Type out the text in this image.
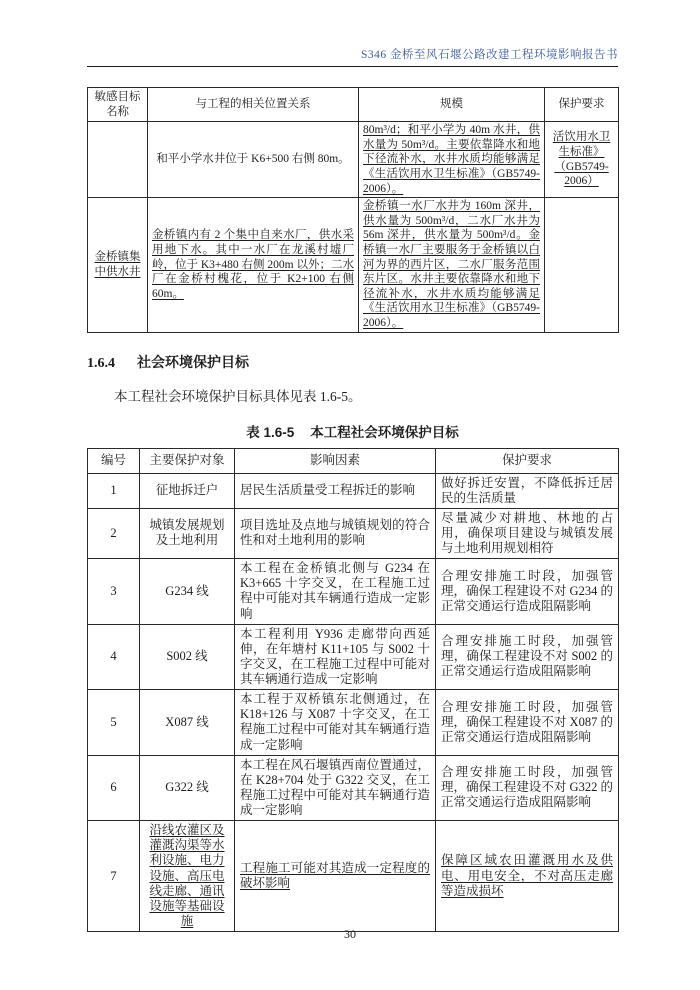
S346 金桥至风石堰公路改建工程环境影响报告书
敏感目标名称	与工程的相关位置关系	规模	保护要求
	和平小学水井位于 K6+500 右侧 80m。	80m³/d；和平小学为 40m 水井，供水量为 50m³/d。主要依靠降水和地下径流补水，水井水质均能够满足《生活饮用水卫生标准》（GB5749-2006）。	活饮用水卫生标准》（GB5749-2006）
金桥镇集中供水井	金桥镇内有 2 个集中自来水厂，供水采用地下水。其中一水厂在龙溪村墟厂岭，位于 K3+480 右侧 200m 以外；二水厂在金桥村槐花，位于 K2+100 右侧 60m。	金桥镇一水厂水井为 160m 深井，供水量为 500m³/d，二水厂水井为 56m 深井，供水量为 500m³/d。金桥镇一水厂主要服务于金桥镇以白河为界的西片区，二水厂服务范围东片区。水井主要依靠降水和地下径流补水，水井水质均能够满足《生活饮用水卫生标准》（GB5749-2006）。	
1.6.4 社会环境保护目标
本工程社会环境保护目标具体见表 1.6-5。
表 1.6-5 本工程社会环境保护目标
编号	主要保护对象	影响因素	保护要求
1	征地拆迁户	居民生活质量受工程拆迁的影响	做好拆迁安置，不降低拆迁居民的生活质量
2	城镇发展规划及土地利用	项目选址及点地与城镇规划的符合性和对土地利用的影响	尽量减少对耕地、林地的占用，确保项目建设与城镇发展与土地利用规划相符
3	G234 线	本工程在金桥镇北侧与 G234 在 K3+665 十字交叉，在工程施工过程中可能对其车辆通行造成一定影响	合理安排施工时段，加强管理，确保工程建设不对 G234 的正常交通运行造成阻隔影响
4	S002 线	本工程利用 Y936 走廊带向西延伸，在年塘村 K11+105 与 S002 十字交叉，在工程施工过程中可能对其车辆通行造成一定影响	合理安排施工时段，加强管理，确保工程建设不对 S002 的正常交通运行造成阻隔影响
5	X087 线	本工程于双桥镇东北侧通过，在 K18+126 与 X087 十字交叉，在工程施工过程中可能对其车辆通行造成一定影响	合理安排施工时段，加强管理，确保工程建设不对 X087 的正常交通运行造成阻隔影响
6	G322 线	本工程在风石堰镇西南位置通过，在 K28+704 处于 G322 交叉，在工程施工过程中可能对其车辆通行造成一定影响	合理安排施工时段，加强管理，确保工程建设不对 G322 的正常交通运行造成阻隔影响
7	沿线农灌区及灌溉沟渠等水利设施、电力设施、高压电线走廊、通讯设施等基础设施	工程施工可能对其造成一定程度的破坏影响	保障区域农田灌溉用水及供电、用电安全，不对高压走廊等造成损坏
30
